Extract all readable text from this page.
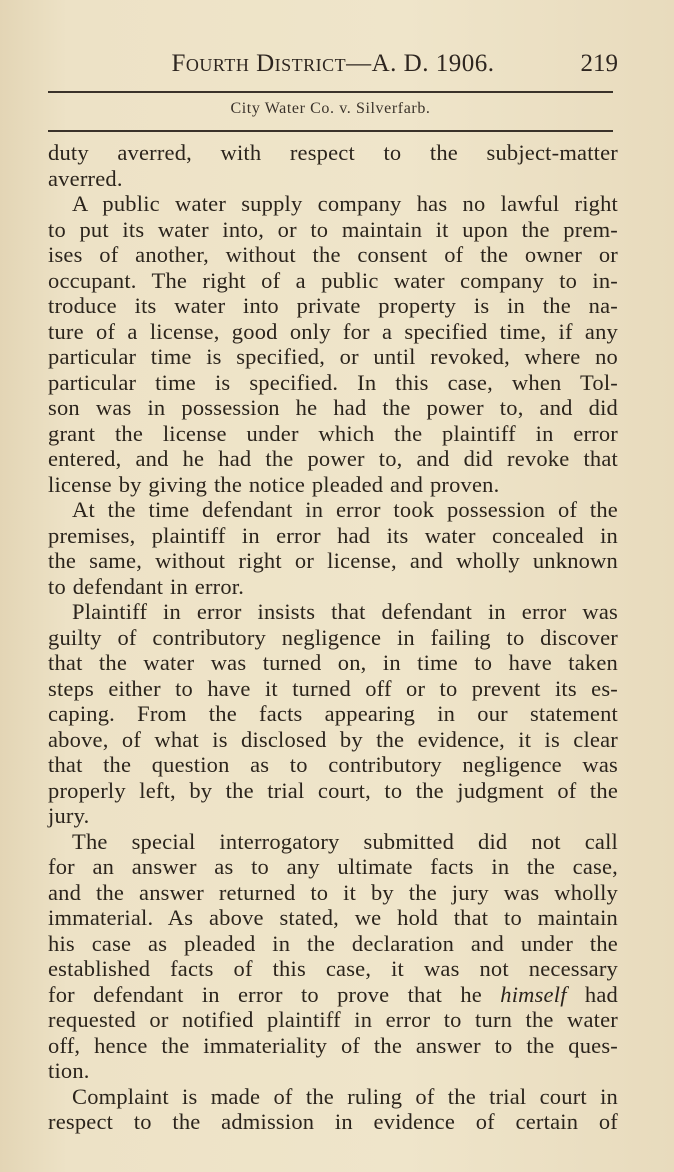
Fourth District—A. D. 1906.	219
City Water Co. v. Silverfarb.
duty averred, with respect to the subject-matter
averred.
A public water supply company has no lawful right
to put its water into, or to maintain it upon the prem-
ises of another, without the consent of the owner or
occupant. The right of a public water company to in-
troduce its water into private property is in the na-
ture of a license, good only for a specified time, if any
particular time is specified, or until revoked, where no
particular time is specified. In this case, when Tol-
son was in possession he had the power to, and did
grant the license under which the plaintiff in error
entered, and he had the power to, and did revoke that
license by giving the notice pleaded and proven.
At the time defendant in error took possession of the
premises, plaintiff in error had its water concealed in
the same, without right or license, and wholly unknown
to defendant in error.
Plaintiff in error insists that defendant in error was
guilty of contributory negligence in failing to discover
that the water was turned on, in time to have taken
steps either to have it turned off or to prevent its es-
caping. From the facts appearing in our statement
above, of what is disclosed by the evidence, it is clear
that the question as to contributory negligence was
properly left, by the trial court, to the judgment of the
jury.
The special interrogatory submitted did not call
for an answer as to any ultimate facts in the case,
and the answer returned to it by the jury was wholly
immaterial. As above stated, we hold that to maintain
his case as pleaded in the declaration and under the
established facts of this case, it was not necessary
for defendant in error to prove that he himself had
requested or notified plaintiff in error to turn the water
off, hence the immateriality of the answer to the ques-
tion.
Complaint is made of the ruling of the trial court in
respect to the admission in evidence of certain of
